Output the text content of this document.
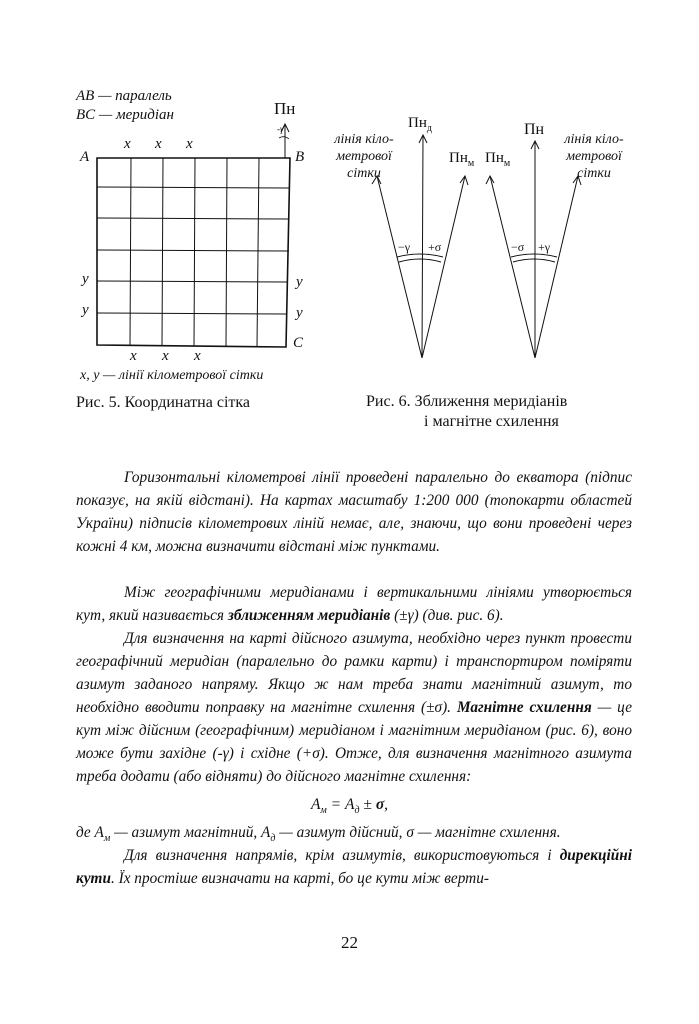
AB — паралель
BC — меридіан	Пн
-γ
A	B
C
x x x
x x x
y
y
y
y
x, y — лінії кілометрової сітки
Рис. 5. Координатна сітка
лінія кіло-
метрової
сітки
$Пн_д$
$Пн_м$
−γ +σ
$Пн_м$
Пн
лінія кіло-
метрової
сітки
−σ +γ
Рис. 6. Зближення меридіанів
і магнітне схилення
Горизонтальні кілометрові лінії проведені паралельно до екватора (підпис показує, на якій відстані). На картах масштабу 1:200 000 (топокарти областей України) підписів кілометрових ліній немає, але, знаючи, що вони проведені через кожні 4 км, можна визначити відстані між пунктами.
Між географічними меридіанами і вертикальними лініями утворюється кут, який називається зближенням меридіанів (±γ) (див. рис. 6).
Для визначення на карті дійсного азимута, необхідно через пункт провести географічний меридіан (паралельно до рамки карти) і транспортиром поміряти азимут заданого напряму. Якщо ж нам треба знати магнітний азимут, то необхідно вводити поправку на магнітне схилення (±σ). Магнітне схилення — це кут між дійсним (географічним) меридіаном і магнітним меридіаном (рис. 6), воно може бути західне (-γ) і східне (+σ). Отже, для визначення магнітного азимута треба додати (або відняти) до дійсного магнітне схилення:
$А_м = А_д \pm \sigma$,
де $А_м$ — азимут магнітний, $А_д$ — азимут дійсний, σ — магнітне схилення.
Для визначення напрямів, крім азимутів, використовуються і дирекційні кути. Їх простіше визначати на карті, бо це кути між верти-
22
